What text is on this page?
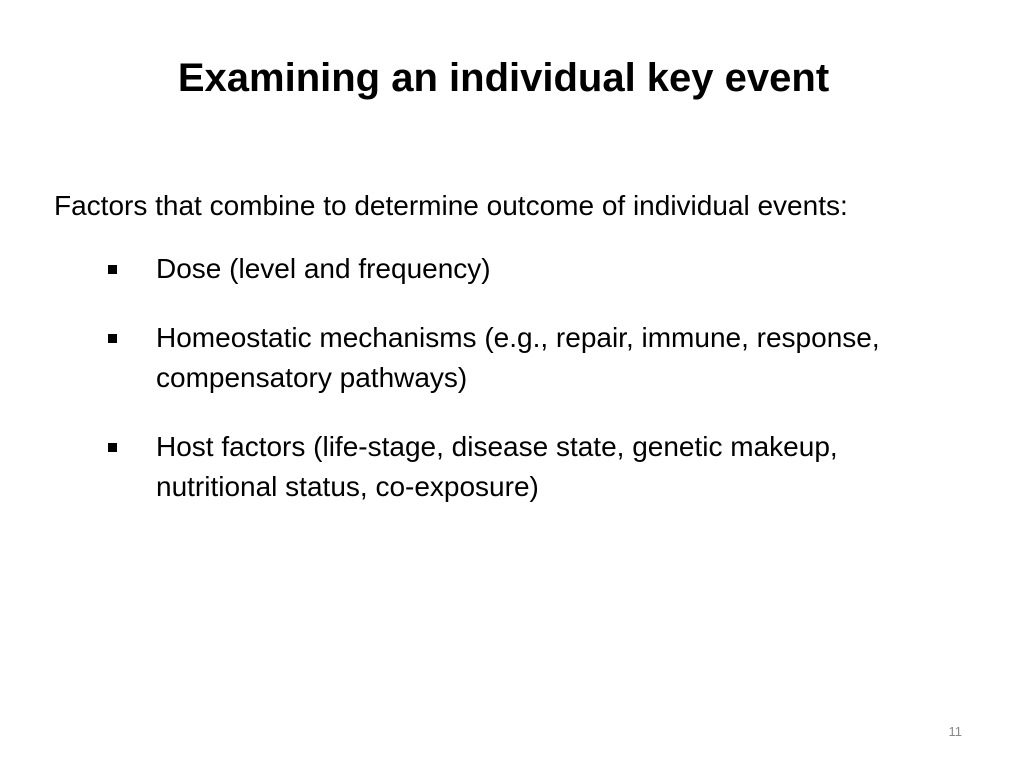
Examining an individual key event

Factors that combine to determine outcome of individual events:

Dose (level and frequency)
Homeostatic mechanisms (e.g., repair, immune, response, compensatory pathways)
Host factors (life-stage, disease state, genetic makeup, nutritional status, co-exposure)
11
